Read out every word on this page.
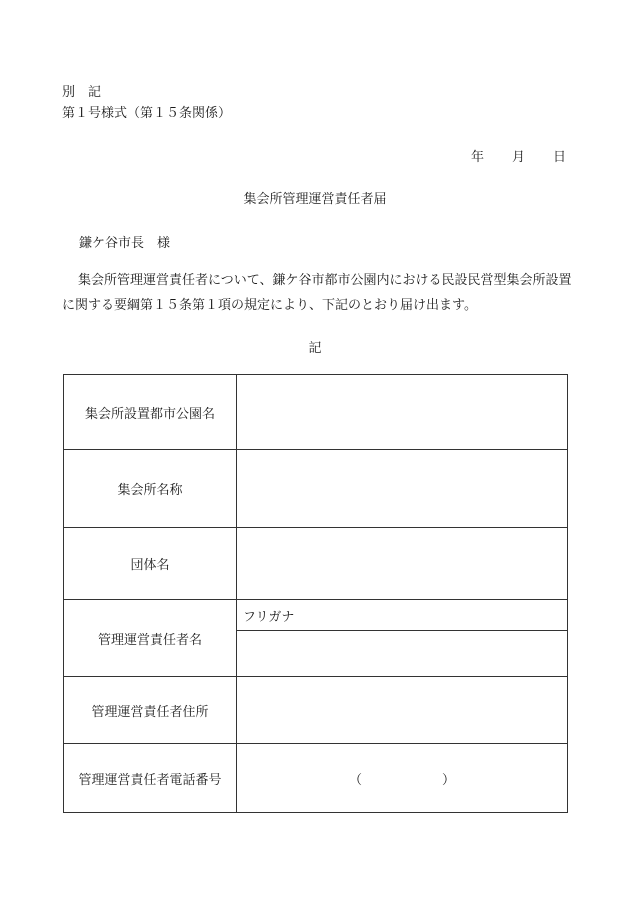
別　記
第１号様式（第１５条関係）
年 月 日
集会所管理運営責任者届
鎌ケ谷市長　様
集会所管理運営責任者について、鎌ケ谷市都市公園内における民設民営型集会所設置に関する要綱第１５条第１項の規定により、下記のとおり届け出ます。
記
集会所設置都市公園名	
集会所名称	
団体名	
管理運営責任者名	フリガナ

管理運営責任者住所	
管理運営責任者電話番号	（ ）
